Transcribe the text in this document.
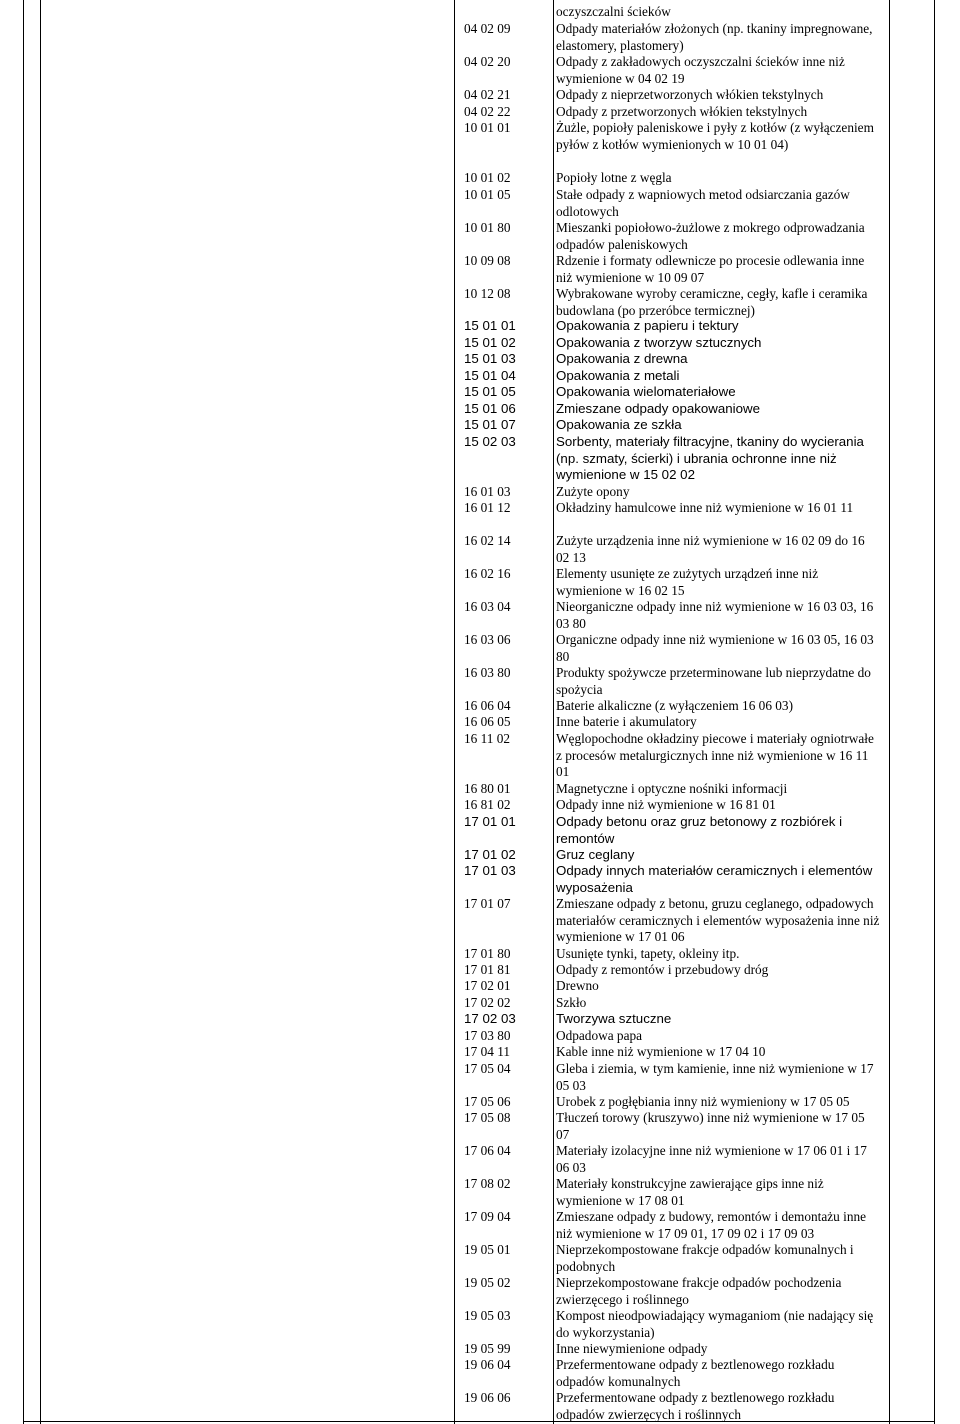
oczyszczalni ścieków
04 02 09	Odpady materiałów złożonych (np. tkaniny impregnowane, elastomery, plastomery)
04 02 20	Odpady z zakładowych oczyszczalni ścieków inne niż wymienione w 04 02 19
04 02 21	Odpady z nieprzetworzonych włókien tekstylnych
04 02 22	Odpady z przetworzonych włókien tekstylnych
10 01 01	Żużle, popioły paleniskowe i pyły z kotłów (z wyłączeniem pyłów z kotłów wymienionych w 10 01 04)
10 01 02	Popioły lotne z węgla
10 01 05	Stałe odpady z wapniowych metod odsiarczania gazów odlotowych
10 01 80	Mieszanki popiołowo-żużlowe z mokrego odprowadzania odpadów paleniskowych
10 09 08	Rdzenie i formaty odlewnicze po procesie odlewania inne niż wymienione w 10 09 07
10 12 08	Wybrakowane wyroby ceramiczne, cegły, kafle i ceramika budowlana (po przeróbce termicznej)
15 01 01	Opakowania z papieru i tektury
15 01 02	Opakowania z tworzyw sztucznych
15 01 03	Opakowania z drewna
15 01 04	Opakowania z metali
15 01 05	Opakowania wielomateriałowe
15 01 06	Zmieszane odpady opakowaniowe
15 01 07	Opakowania ze szkła
15 02 03	Sorbenty, materiały filtracyjne, tkaniny do wycierania (np. szmaty, ścierki) i ubrania ochronne inne niż wymienione w 15 02 02
16 01 03	Zużyte opony
16 01 12	Okładziny hamulcowe inne niż wymienione w 16 01 11
16 02 14	Zużyte urządzenia inne niż wymienione w 16 02 09 do 16 02 13
16 02 16	Elementy usunięte ze zużytych urządzeń inne niż wymienione w 16 02 15
16 03 04	Nieorganiczne odpady inne niż wymienione w 16 03 03, 16 03 80
16 03 06	Organiczne odpady inne niż wymienione w 16 03 05, 16 03 80
16 03 80	Produkty spożywcze przeterminowane lub nieprzydatne do spożycia
16 06 04	Baterie alkaliczne (z wyłączeniem 16 06 03)
16 06 05	Inne baterie i akumulatory
16 11 02	Węglopochodne okładziny piecowe i materiały ogniotrwałe z procesów metalurgicznych inne niż wymienione w 16 11 01
16 80 01	Magnetyczne i optyczne nośniki informacji
16 81 02	Odpady inne niż wymienione w 16 81 01
17 01 01	Odpady betonu oraz gruz betonowy z rozbiórek i remontów
17 01 02	Gruz ceglany
17 01 03	Odpady innych materiałów ceramicznych i elementów wyposażenia
17 01 07	Zmieszane odpady z betonu, gruzu ceglanego, odpadowych materiałów ceramicznych i elementów wyposażenia inne niż wymienione w 17 01 06
17 01 80	Usunięte tynki, tapety, okleiny itp.
17 01 81	Odpady z remontów i przebudowy dróg
17 02 01	Drewno
17 02 02	Szkło
17 02 03	Tworzywa sztuczne
17 03 80	Odpadowa papa
17 04 11	Kable inne niż wymienione w 17 04 10
17 05 04	Gleba i ziemia, w tym kamienie, inne niż wymienione w 17 05 03
17 05 06	Urobek z pogłębiania inny niż wymieniony w 17 05 05
17 05 08	Tłuczeń torowy (kruszywo) inne niż wymienione w 17 05 07
17 06 04	Materiały izolacyjne inne niż wymienione w 17 06 01 i 17 06 03
17 08 02	Materiały konstrukcyjne zawierające gips inne niż wymienione w 17 08 01
17 09 04	Zmieszane odpady z budowy, remontów i demontażu inne niż wymienione w 17 09 01, 17 09 02 i 17 09 03
19 05 01	Nieprzekompostowane frakcje odpadów komunalnych i podobnych
19 05 02	Nieprzekompostowane frakcje odpadów pochodzenia zwierzęcego i roślinnego
19 05 03	Kompost nieodpowiadający wymaganiom (nie nadający się do wykorzystania)
19 05 99	Inne niewymienione odpady
19 06 04	Przefermentowane odpady z beztlenowego rozkładu odpadów komunalnych
19 06 06	Przefermentowane odpady z beztlenowego rozkładu odpadów zwierzęcych i roślinnych
